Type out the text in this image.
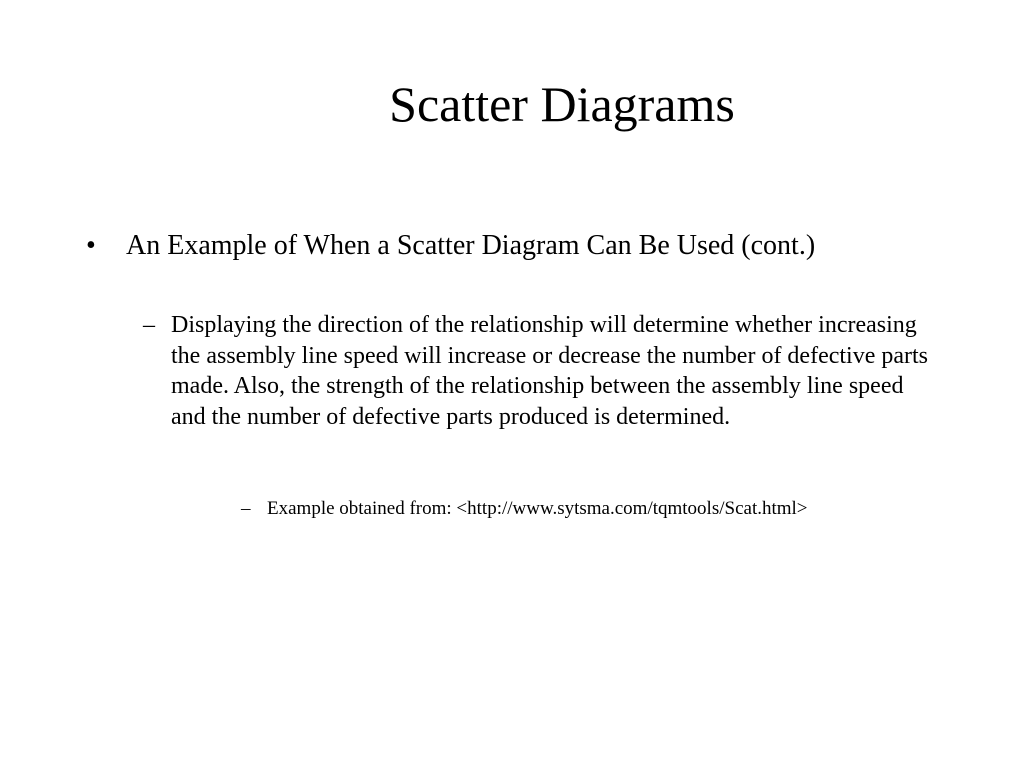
Scatter Diagrams
•	An Example of When a Scatter Diagram Can Be Used (cont.)
– Displaying the direction of the relationship will determine whether increasing the assembly line speed will increase or decrease the number of defective parts made. Also, the strength of the relationship between the assembly line speed and the number of defective parts produced is determined.
– Example obtained from: <http://www.sytsma.com/tqmtools/Scat.html>
